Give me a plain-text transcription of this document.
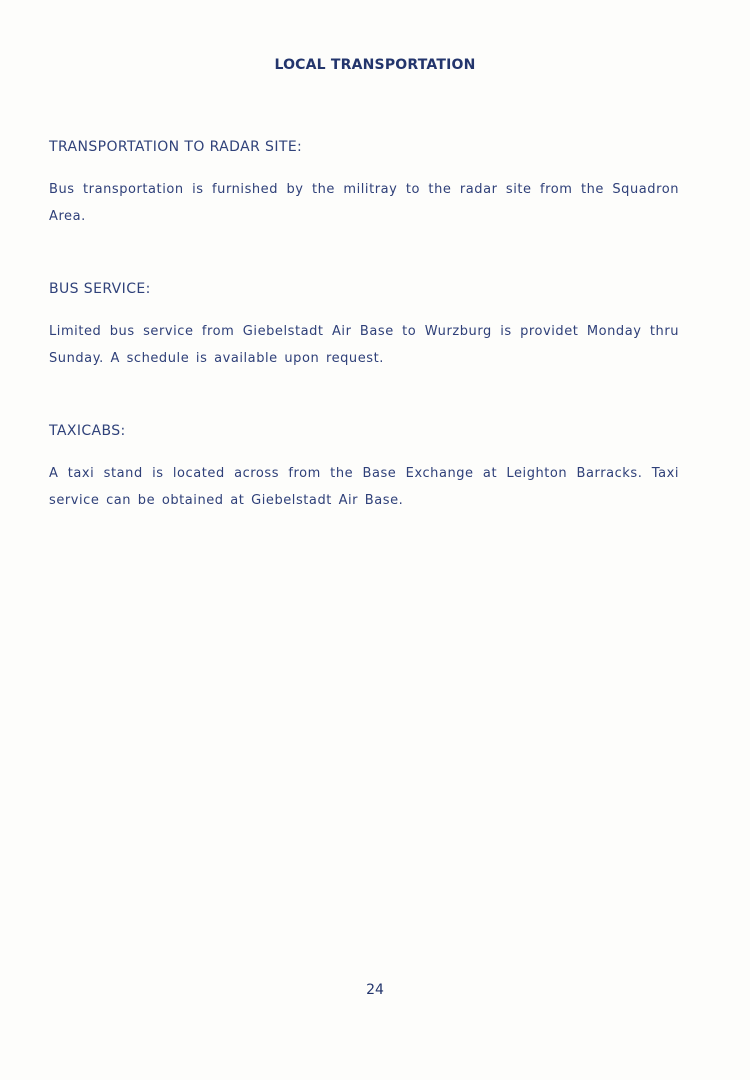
LOCAL TRANSPORTATION
TRANSPORTATION TO RADAR SITE:

Bus transportation is furnished by the militray to the radar site from the Squadron Area.

BUS SERVICE:

Limited bus service from Giebelstadt Air Base to Wurzburg is providet Monday thru Sunday. A schedule is available upon request.

TAXICABS:

A taxi stand is located across from the Base Exchange at Leighton Barracks. Taxi service can be obtained at Giebelstadt Air Base.

24
